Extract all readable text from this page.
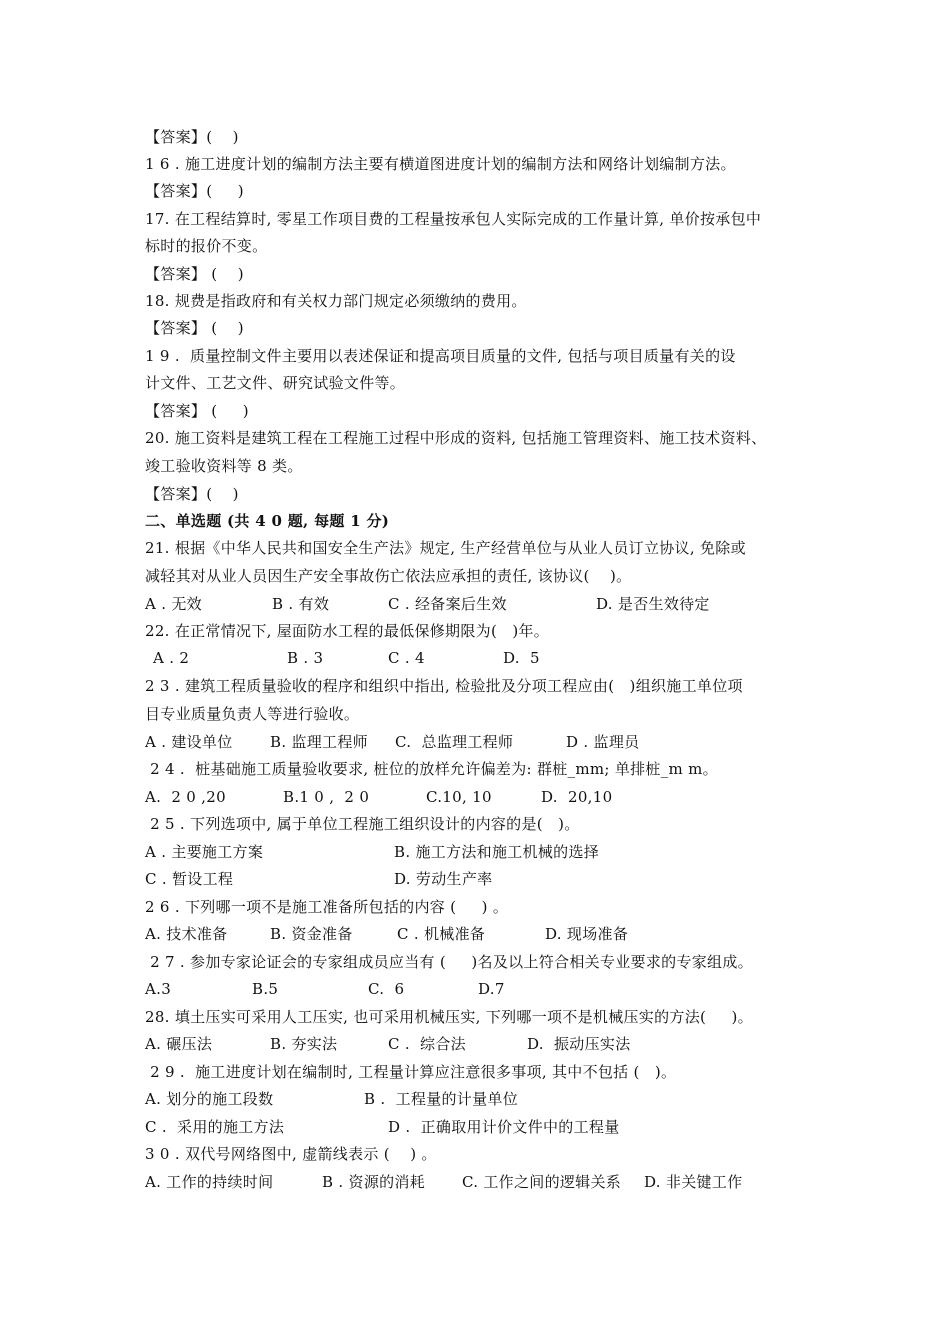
【答案】(    )

1 6 . 施工进度计划的编制方法主要有横道图进度计划的编制方法和网络计划编制方法。

【答案】(     )

17. 在工程结算时, 零星工作项目费的工程量按承包人实际完成的工作量计算, 单价按承包中

标时的报价不变。

【答案】 (    )

18. 规费是指政府和有关权力部门规定必须缴纳的费用。

【答案】 (    )

1 9 .  质量控制文件主要用以表述保证和提高项目质量的文件, 包括与项目质量有关的设

计文件、工艺文件、研究试验文件等。

【答案】 (     )

20. 施工资料是建筑工程在工程施工过程中形成的资料, 包括施工管理资料、施工技术资料、

竣工验收资料等 8 类。

【答案】(    )

二、单选题 (共 4 0 题, 每题 1 分)

21. 根据《中华人民共和国安全生产法》规定, 生产经营单位与从业人员订立协议, 免除或

减轻其对从业人员因生产安全事故伤亡依法应承担的责任, 该协议(    )。

A . 无效	B . 有效	C . 经备案后生效	D. 是否生效待定

22. 在正常情况下, 屋面防水工程的最低保修期限为(   )年。

A . 2	B . 3	C . 4	D.  5

2 3 . 建筑工程质量验收的程序和组织中指出, 检验批及分项工程应由(   )组织施工单位项

目专业质量负责人等进行验收。

A . 建设单位 B. 监理工程师 C.  总监理工程师	D . 监理员

2 4 .  桩基础施工质量验收要求, 桩位的放样允许偏差为: 群桩_mm; 单排桩_m m。

A.  2 0 ,20	B.1 0 ,  2 0	C.10, 10	D.  20,10

2 5 . 下列选项中, 属于单位工程施工组织设计的内容的是(   )。

A . 主要施工方案	B. 施工方法和施工机械的选择
C . 暂设工程	D. 劳动生产率

2 6 . 下列哪一项不是施工准备所包括的内容 (     ) 。

A. 技术准备	B. 资金准备	C . 机械准备	D. 现场准备

2 7 . 参加专家论证会的专家组成员应当有 (     )名及以上符合相关专业要求的专家组成。

A.3	B.5	C.  6	D.7

28. 填土压实可采用人工压实, 也可采用机械压实, 下列哪一项不是机械压实的方法(     )。

A. 碾压法	B. 夯实法	C .  综合法	D.  振动压实法

2 9 .  施工进度计划在编制时, 工程量计算应注意很多事项, 其中不包括 (   )。

A. 划分的施工段数	B .  工程量的计量单位
C .  采用的施工方法	D .  正确取用计价文件中的工程量

3 0 . 双代号网络图中, 虚箭线表示 (    ) 。

A. 工作的持续时间	B . 资源的消耗 C. 工作之间的逻辑关系 D. 非关键工作
